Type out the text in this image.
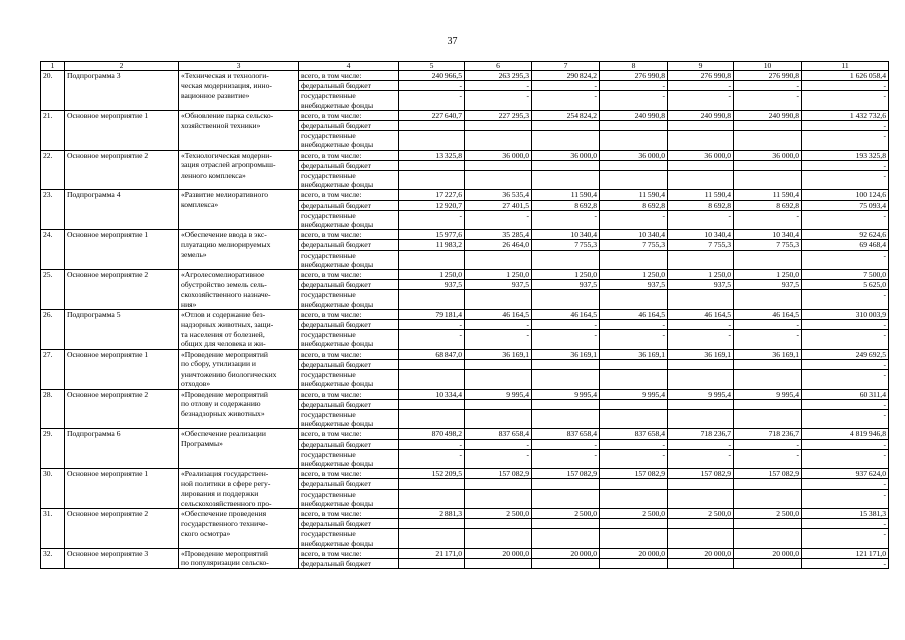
37
1	2	3	4	5	6	7	8	9	10	11
20.	Подпрограмма 3	«Техническая и технологи-	всего, в том числе:	240 966,5	263 295,3	290 824,2	276 990,8	276 990,8	276 990,8	1 626 058,4
		ческая модернизация, инно-	федеральный бюджет	-	-	-	-	-	-	-
		вационное развитие»	государственные	-	-	-	-	-	-	-
			внебюджетные фонды							
21.	Основное мероприятие 1	«Обновление парка сельско-	всего, в том числе:	227 640,7	227 295,3	254 824,2	240 990,8	240 990,8	240 990,8	1 432 732,6
		хозяйственной техники»	федеральный бюджет							-
			государственные							-
			внебюджетные фонды							
22.	Основное мероприятие 2	«Технологическая модерни-	всего, в том числе:	13 325,8	36 000,0	36 000,0	36 000,0	36 000,0	36 000,0	193 325,8
		зация отраслей агропромыш-	федеральный бюджет							-
		ленного комплекса»	государственные							-
			внебюджетные фонды							
23.	Подпрограмма 4	«Развитие мелиоративного	всего, в том числе:	17 227,6	36 535,4	11 590,4	11 590,4	11 590,4	11 590,4	100 124,6
		комплекса»	федеральный бюджет	12 920,7	27 401,5	8 692,8	8 692,8	8 692,8	8 692,8	75 093,4
			государственные	-	-	-	-	-	-	-
			внебюджетные фонды							
24.	Основное мероприятие 1	«Обеспечение ввода в экс-	всего, в том числе:	15 977,6	35 285,4	10 340,4	10 340,4	10 340,4	10 340,4	92 624,6
		плуатацию мелиорируемых	федеральный бюджет	11 983,2	26 464,0	7 755,3	7 755,3	7 755,3	7 755,3	69 468,4
		земель»	государственные							-
			внебюджетные фонды							
25.	Основное мероприятие 2	«Агролесомелиоративное	всего, в том числе:	1 250,0	1 250,0	1 250,0	1 250,0	1 250,0	1 250,0	7 500,0
		обустройство земель сель-	федеральный бюджет	937,5	937,5	937,5	937,5	937,5	937,5	5 625,0
		скохозяйственного назначе-	государственные							-
		ния»	внебюджетные фонды							
26.	Подпрограмма 5	«Отлов и содержание без-	всего, в том числе:	79 181,4	46 164,5	46 164,5	46 164,5	46 164,5	46 164,5	310 003,9
		надзорных животных, защи-	федеральный бюджет	-	-	-	-	-	-	-
		та населения от болезней,	государственные	-	-	-	-	-	-	-
		общих для человека и жи-	внебюджетные фонды							
27.	Основное мероприятие 1	«Проведение мероприятий	всего, в том числе:	68 847,0	36 169,1	36 169,1	36 169,1	36 169,1	36 169,1	249 692,5
		по сбору, утилизации и	федеральный бюджет							-
		уничтожению биологических	государственные							-
		отходов»	внебюджетные фонды							
28.	Основное мероприятие 2	«Проведение мероприятий	всего, в том числе:	10 334,4	9 995,4	9 995,4	9 995,4	9 995,4	9 995,4	60 311,4
		по отлову и содержанию	федеральный бюджет							-
		безнадзорных животных»	государственные							-
			внебюджетные фонды							
29.	Подпрограмма 6	«Обеспечение реализации	всего, в том числе:	870 498,2	837 658,4	837 658,4	837 658,4	718 236,7	718 236,7	4 819 946,8
		Программы»	федеральный бюджет	-	-	-	-	-	-	-
			государственные	-	-	-	-	-	-	-
			внебюджетные фонды							
30.	Основное мероприятие 1	«Реализация государствен-	всего, в том числе:	152 209,5	157 082,9	157 082,9	157 082,9	157 082,9	157 082,9	937 624,0
		ной политики в сфере регу-	федеральный бюджет							-
		лирования и поддержки	государственные							-
		сельскохозяйственного про-	внебюджетные фонды							
31.	Основное мероприятие 2	«Обеспечение проведения	всего, в том числе:	2 881,3	2 500,0	2 500,0	2 500,0	2 500,0	2 500,0	15 381,3
		государственного техниче-	федеральный бюджет							-
		ского осмотра»	государственные							-
			внебюджетные фонды							
32.	Основное мероприятие 3	«Проведение мероприятий	всего, в том числе:	21 171,0	20 000,0	20 000,0	20 000,0	20 000,0	20 000,0	121 171,0
		по популяризации сельско-	федеральный бюджет							-
